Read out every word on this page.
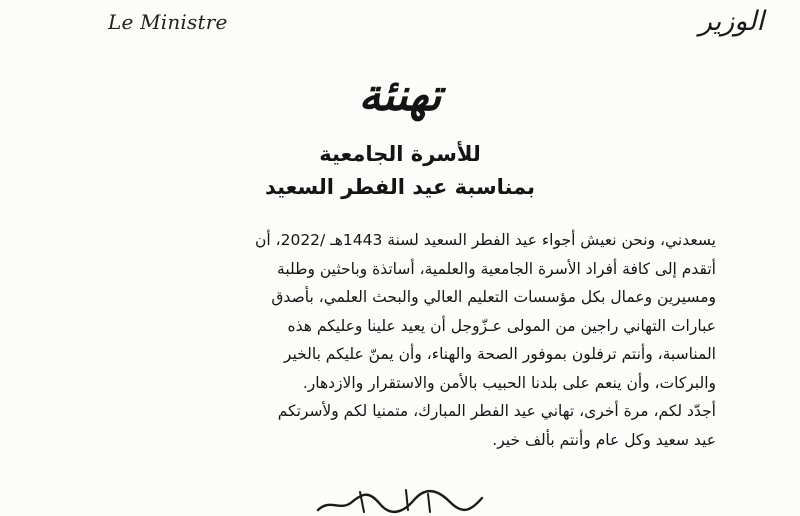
Le Ministre	الوزير
تهنئة
للأسرة الجامعية
بمناسبة عيد الفطر السعيد
يسعدني، ونحن نعيش أجواء عيد الفطر السعيد لسنة 1443هـ /2022، أن
أتقدم إلى كافة أفراد الأسرة الجامعية والعلمية، أساتذة وباحثين وطلبة
ومسيرين وعمال بكل مؤسسات التعليم العالي والبحث العلمي، بأصدق
عبارات التهاني راجين من المولى عـزّوجل أن يعيد علينا وعليكم هذه
المناسبة، وأنتم ترفلون بموفور الصحة والهناء، وأن يمنّ عليكم بالخير
والبركات، وأن ينعم على بلدنا الحبيب بالأمن والاستقرار والازدهار.
أجدّد لكم، مرة أخرى، تهاني عيد الفطر المبارك، متمنيا لكم ولأسرتكم
عيد سعيد وكل عام وأنتم بألف خير.
